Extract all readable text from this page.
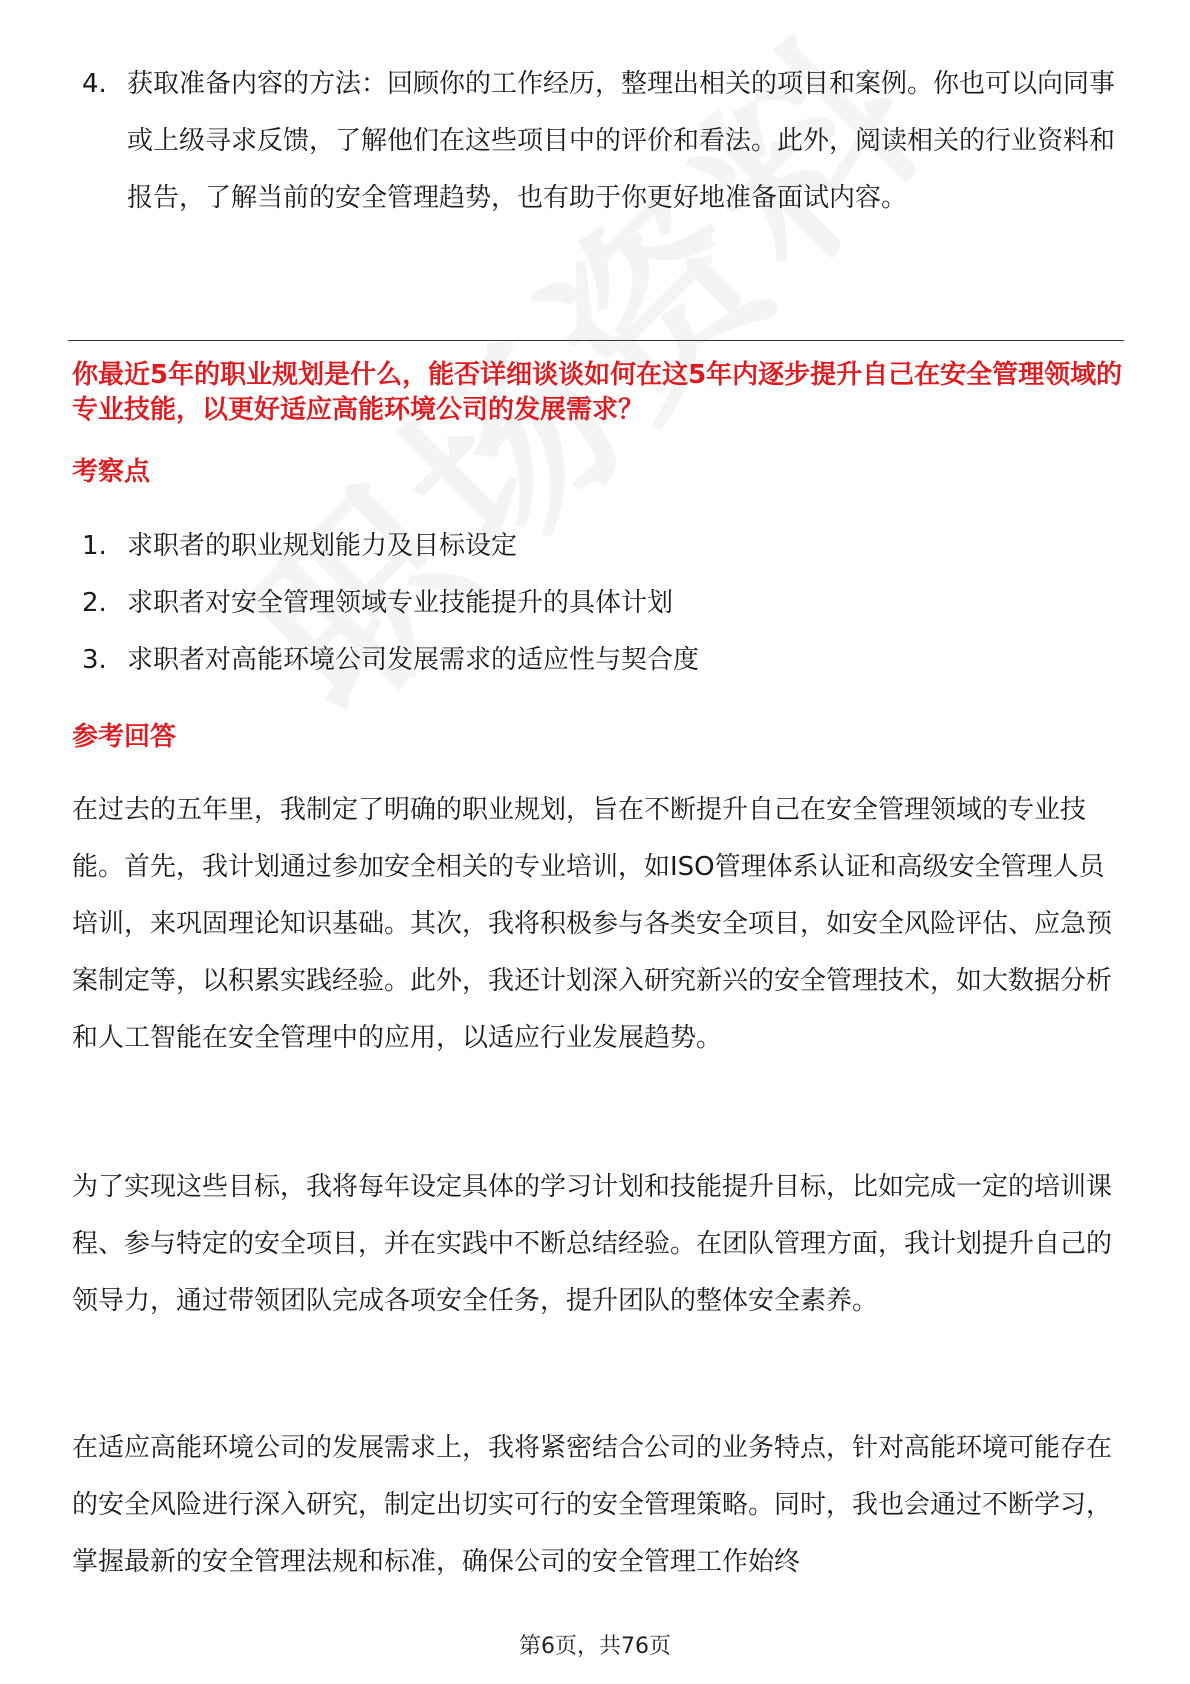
4. 获取准备内容的方法：回顾你的工作经历，整理出相关的项目和案例。你也可以向同事或上级寻求反馈，了解他们在这些项目中的评价和看法。此外，阅读相关的行业资料和报告，了解当前的安全管理趋势，也有助于你更好地准备面试内容。
你最近5年的职业规划是什么，能否详细谈谈如何在这5年内逐步提升自己在安全管理领域的专业技能，以更好适应高能环境公司的发展需求？
考察点
1. 求职者的职业规划能力及目标设定
2. 求职者对安全管理领域专业技能提升的具体计划
3. 求职者对高能环境公司发展需求的适应性与契合度
参考回答

在过去的五年里，我制定了明确的职业规划，旨在不断提升自己在安全管理领域的专业技能。首先，我计划通过参加安全相关的专业培训，如ISO管理体系认证和高级安全管理人员培训，来巩固理论知识基础。其次，我将积极参与各类安全项目，如安全风险评估、应急预案制定等，以积累实践经验。此外，我还计划深入研究新兴的安全管理技术，如大数据分析和人工智能在安全管理中的应用，以适应行业发展趋势。

为了实现这些目标，我将每年设定具体的学习计划和技能提升目标，比如完成一定的培训课程、参与特定的安全项目，并在实践中不断总结经验。在团队管理方面，我计划提升自己的领导力，通过带领团队完成各项安全任务，提升团队的整体安全素养。

在适应高能环境公司的发展需求上，我将紧密结合公司的业务特点，针对高能环境可能存在的安全风险进行深入研究，制定出切实可行的安全管理策略。同时，我也会通过不断学习，掌握最新的安全管理法规和标准，确保公司的安全管理工作始终

第6页，共76页
